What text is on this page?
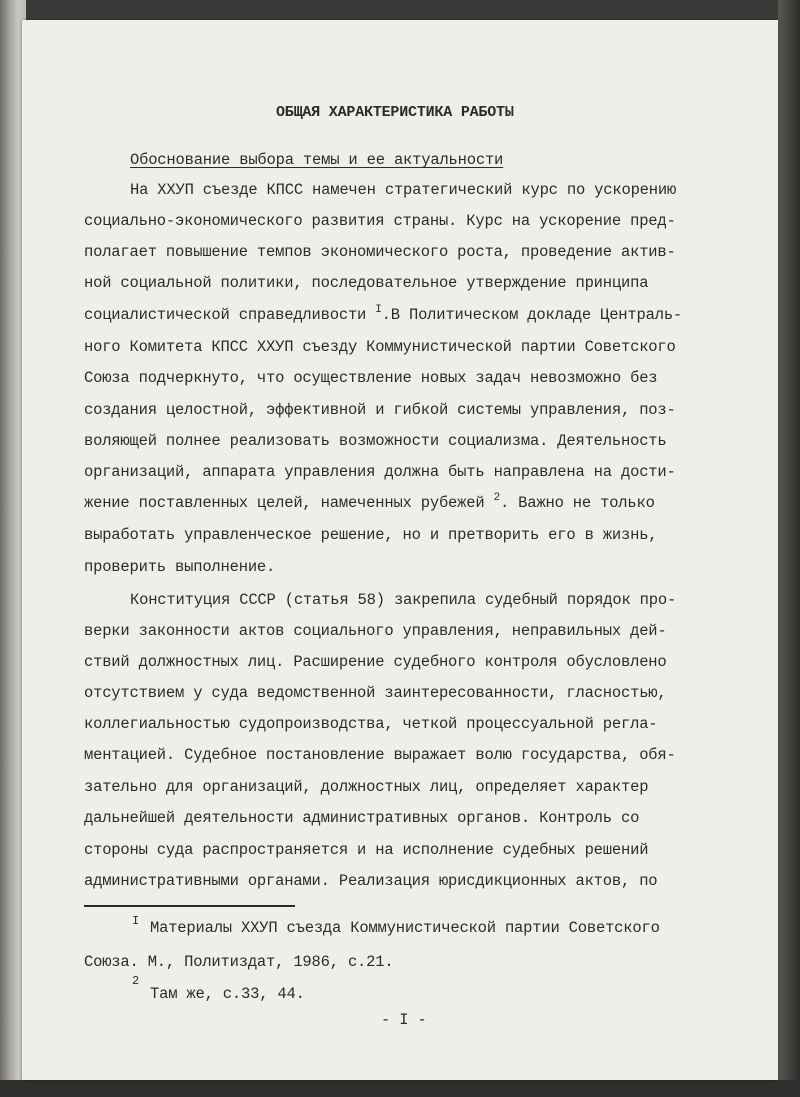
ОБЩАЯ ХАРАКТЕРИСТИКА РАБОТЫ
Обоснование выбора темы и ее актуальности
На ХХУП съезде КПСС намечен стратегический курс по ускорению
социально-экономического развития страны. Курс на ускорение пред-
полагает повышение темпов экономического роста, проведение актив-
ной социальной политики, последовательное утверждение принципа
социалистической справедливости $^I$.В Политическом докладе Централь-
ного Комитета КПСС ХХУП съезду Коммунистической партии Советского
Союза подчеркнуто, что осуществление новых задач невозможно без
создания целостной, эффективной и гибкой системы управления, поз-
воляющей полнее реализовать возможности социализма. Деятельность
организаций, аппарата управления должна быть направлена на дости-
жение поставленных целей, намеченных рубежей $^2$. Важно не только
выработать управленческое решение, но и претворить его в жизнь,
проверить выполнение.
Конституция СССР (статья 58) закрепила судебный порядок про-
верки законности актов социального управления, неправильных дей-
ствий должностных лиц. Расширение судебного контроля обусловлено
отсутствием у суда ведомственной заинтересованности, гласностью,
коллегиальностью судопроизводства, четкой процессуальной регла-
ментацией. Судебное постановление выражает волю государства, обя-
зательно для организаций, должностных лиц, определяет характер
дальнейшей деятельности административных органов. Контроль со
стороны суда распространяется и на исполнение судебных решений
административными органами. Реализация юрисдикционных актов, по
I Материалы ХХУП съезда Коммунистической партии Советского
Союза. М., Политиздат, 1986, с.21.
2
Там же, с.33, 44.
- I -
